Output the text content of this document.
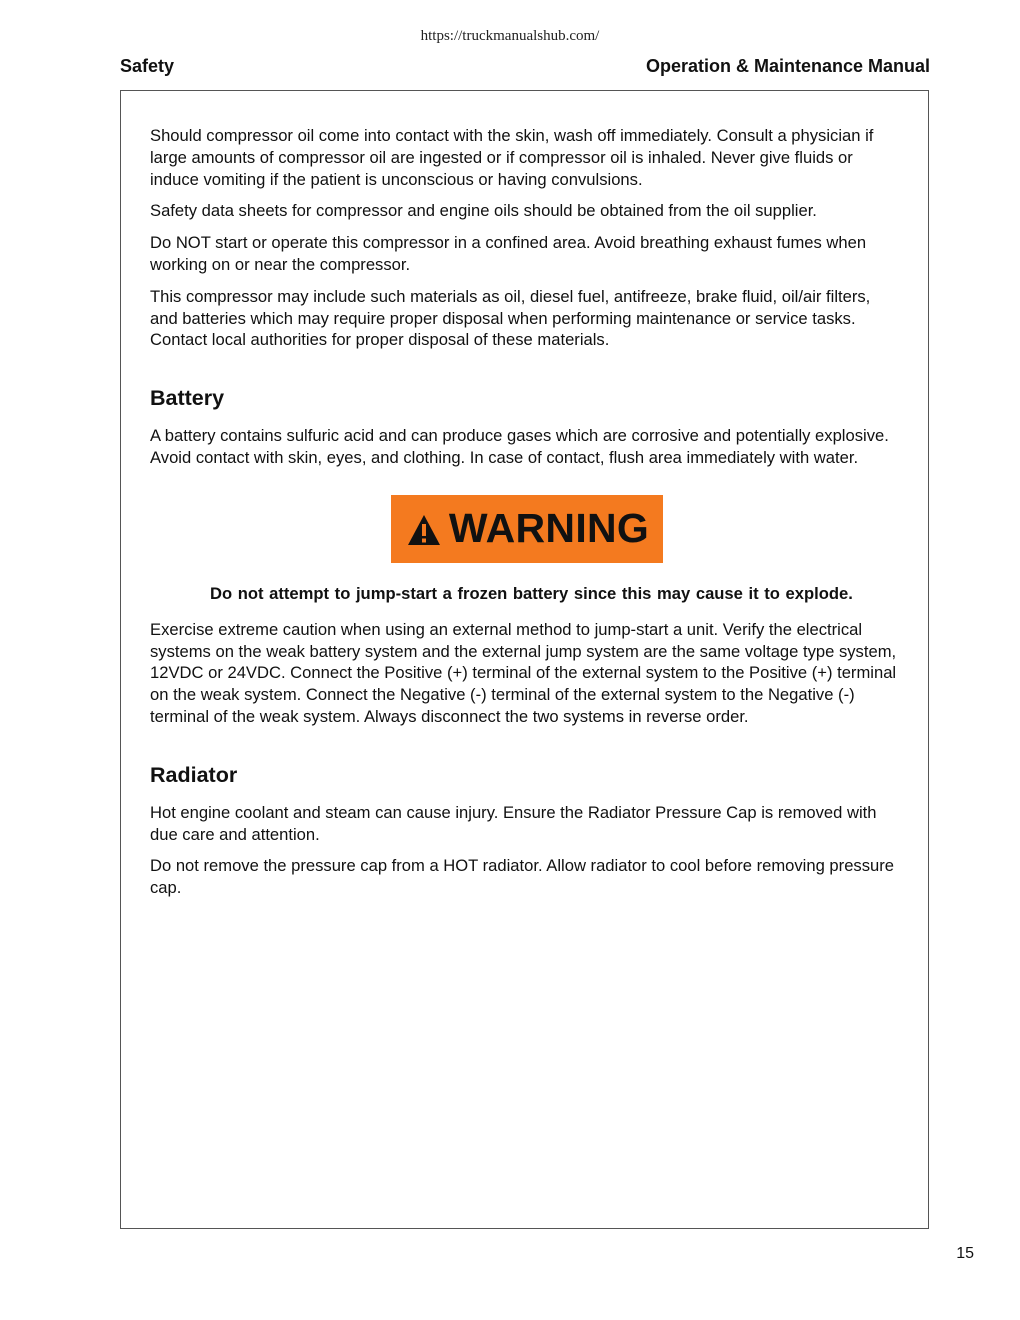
https://truckmanualshub.com/
Safety	Operation & Maintenance Manual

Should compressor oil come into contact with the skin, wash off immediately. Consult a physician if large amounts of compressor oil are ingested or if compressor oil is inhaled. Never give fluids or induce vomiting if the patient is unconscious or having convulsions.

Safety data sheets for compressor and engine oils should be obtained from the oil supplier.

Do NOT start or operate this compressor in a confined area. Avoid breathing exhaust fumes when working on or near the compressor.

This compressor may include such materials as oil, diesel fuel, antifreeze, brake fluid, oil/air filters, and batteries which may require proper disposal when performing maintenance or service tasks. Contact local authorities for proper disposal of these materials.

Battery

A battery contains sulfuric acid and can produce gases which are corrosive and potentially explosive. Avoid contact with skin, eyes, and clothing. In case of contact, flush area immediately with water.

WARNING

Do not attempt to jump-start a frozen battery since this may cause it to explode.

Exercise extreme caution when using an external method to jump-start a unit. Verify the electrical systems on the weak battery system and the external jump system are the same voltage type system, 12VDC or 24VDC. Connect the Positive (+) terminal of the external system to the Positive (+) terminal on the weak system. Connect the Negative (-) terminal of the external system to the Negative (-) terminal of the weak system. Always disconnect the two systems in reverse order.

Radiator

Hot engine coolant and steam can cause injury. Ensure the Radiator Pressure Cap is removed with due care and attention.

Do not remove the pressure cap from a HOT radiator. Allow radiator to cool before removing pressure cap.

15
